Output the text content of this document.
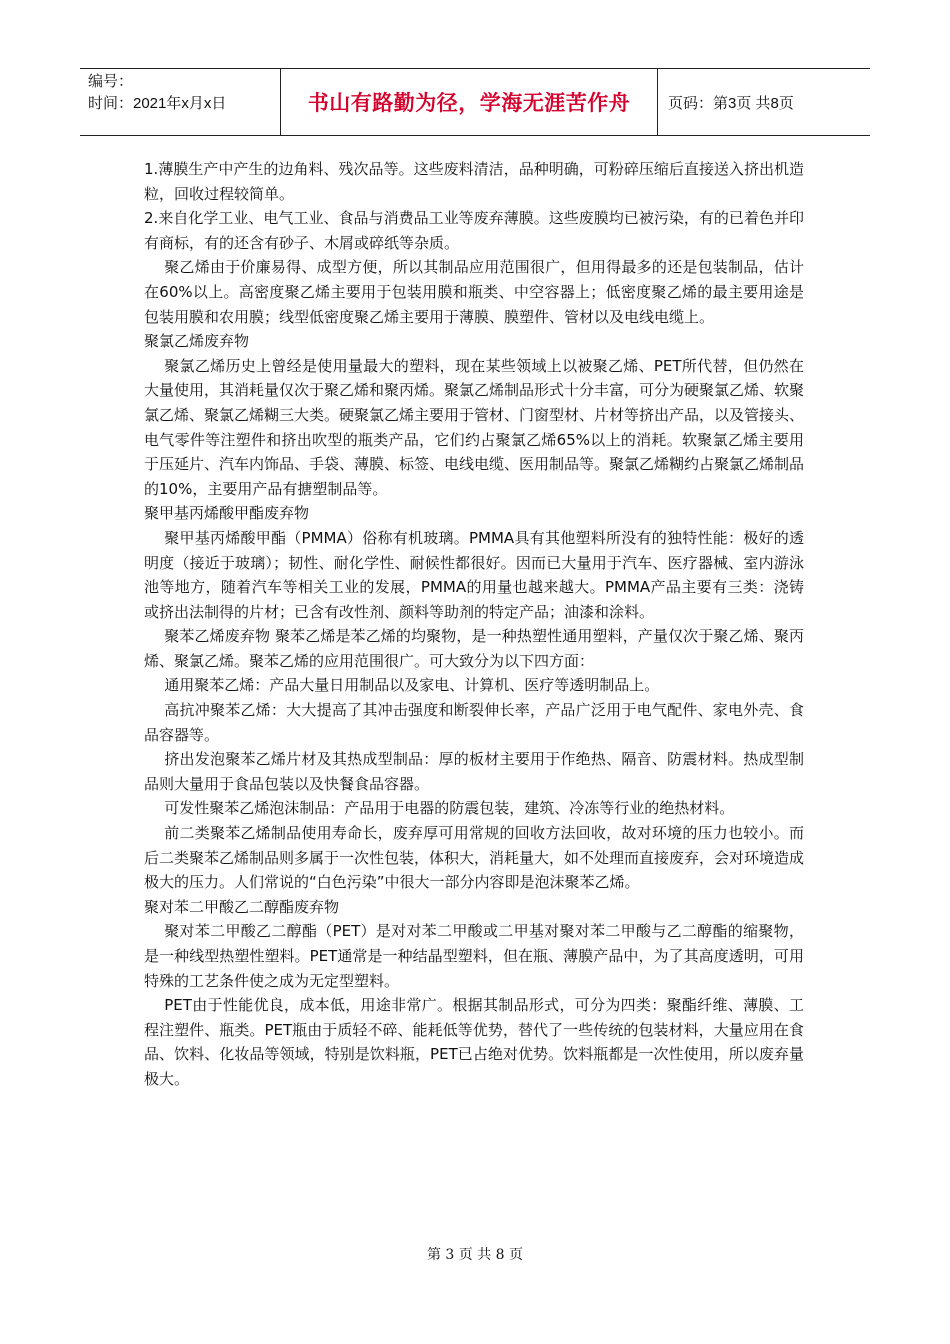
编号：
时间：2021年x月x日	书山有路勤为径，学海无涯苦作舟	页码：第3页 共8页

1.薄膜生产中产生的边角料、残次品等。这些废料清洁，品种明确，可粉碎压缩后直接送入挤出机造粒，回收过程较简单。

2.来自化学工业、电气工业、食品与消费品工业等废弃薄膜。这些废膜均已被污染，有的已着色并印有商标，有的还含有砂子、木屑或碎纸等杂质。

聚乙烯由于价廉易得、成型方便，所以其制品应用范围很广，但用得最多的还是包装制品，估计在60%以上。高密度聚乙烯主要用于包装用膜和瓶类、中空容器上；低密度聚乙烯的最主要用途是包装用膜和农用膜；线型低密度聚乙烯主要用于薄膜、膜塑件、管材以及电线电缆上。

聚氯乙烯废弃物

聚氯乙烯历史上曾经是使用量最大的塑料，现在某些领域上以被聚乙烯、PET所代替，但仍然在大量使用，其消耗量仅次于聚乙烯和聚丙烯。聚氯乙烯制品形式十分丰富，可分为硬聚氯乙烯、软聚氯乙烯、聚氯乙烯糊三大类。硬聚氯乙烯主要用于管材、门窗型材、片材等挤出产品，以及管接头、电气零件等注塑件和挤出吹型的瓶类产品，它们约占聚氯乙烯65%以上的消耗。软聚氯乙烯主要用于压延片、汽车内饰品、手袋、薄膜、标签、电线电缆、医用制品等。聚氯乙烯糊约占聚氯乙烯制品的10%，主要用产品有搪塑制品等。

聚甲基丙烯酸甲酯废弃物

聚甲基丙烯酸甲酯（PMMA）俗称有机玻璃。PMMA具有其他塑料所没有的独特性能：极好的透明度（接近于玻璃）；韧性、耐化学性、耐候性都很好。因而已大量用于汽车、医疗器械、室内游泳池等地方，随着汽车等相关工业的发展，PMMA的用量也越来越大。PMMA产品主要有三类：浇铸或挤出法制得的片材；已含有改性剂、颜料等助剂的特定产品；油漆和涂料。

聚苯乙烯废弃物 聚苯乙烯是苯乙烯的均聚物，是一种热塑性通用塑料，产量仅次于聚乙烯、聚丙烯、聚氯乙烯。聚苯乙烯的应用范围很广。可大致分为以下四方面：

通用聚苯乙烯：产品大量日用制品以及家电、计算机、医疗等透明制品上。

高抗冲聚苯乙烯：大大提高了其冲击强度和断裂伸长率，产品广泛用于电气配件、家电外壳、食品容器等。

挤出发泡聚苯乙烯片材及其热成型制品：厚的板材主要用于作绝热、隔音、防震材料。热成型制品则大量用于食品包装以及快餐食品容器。

可发性聚苯乙烯泡沫制品：产品用于电器的防震包装，建筑、冷冻等行业的绝热材料。

前二类聚苯乙烯制品使用寿命长，废弃厚可用常规的回收方法回收，故对环境的压力也较小。而后二类聚苯乙烯制品则多属于一次性包装，体积大，消耗量大，如不处理而直接废弃，会对环境造成极大的压力。人们常说的“白色污染”中很大一部分内容即是泡沫聚苯乙烯。

聚对苯二甲酸乙二醇酯废弃物

聚对苯二甲酸乙二醇酯（PET）是对对苯二甲酸或二甲基对聚对苯二甲酸与乙二醇酯的缩聚物，是一种线型热塑性塑料。PET通常是一种结晶型塑料，但在瓶、薄膜产品中，为了其高度透明，可用特殊的工艺条件使之成为无定型塑料。

PET由于性能优良，成本低，用途非常广。根据其制品形式，可分为四类：聚酯纤维、薄膜、工程注塑件、瓶类。PET瓶由于质轻不碎、能耗低等优势，替代了一些传统的包装材料，大量应用在食品、饮料、化妆品等领域，特别是饮料瓶，PET已占绝对优势。饮料瓶都是一次性使用，所以废弃量极大。

第 3 页 共 8 页
